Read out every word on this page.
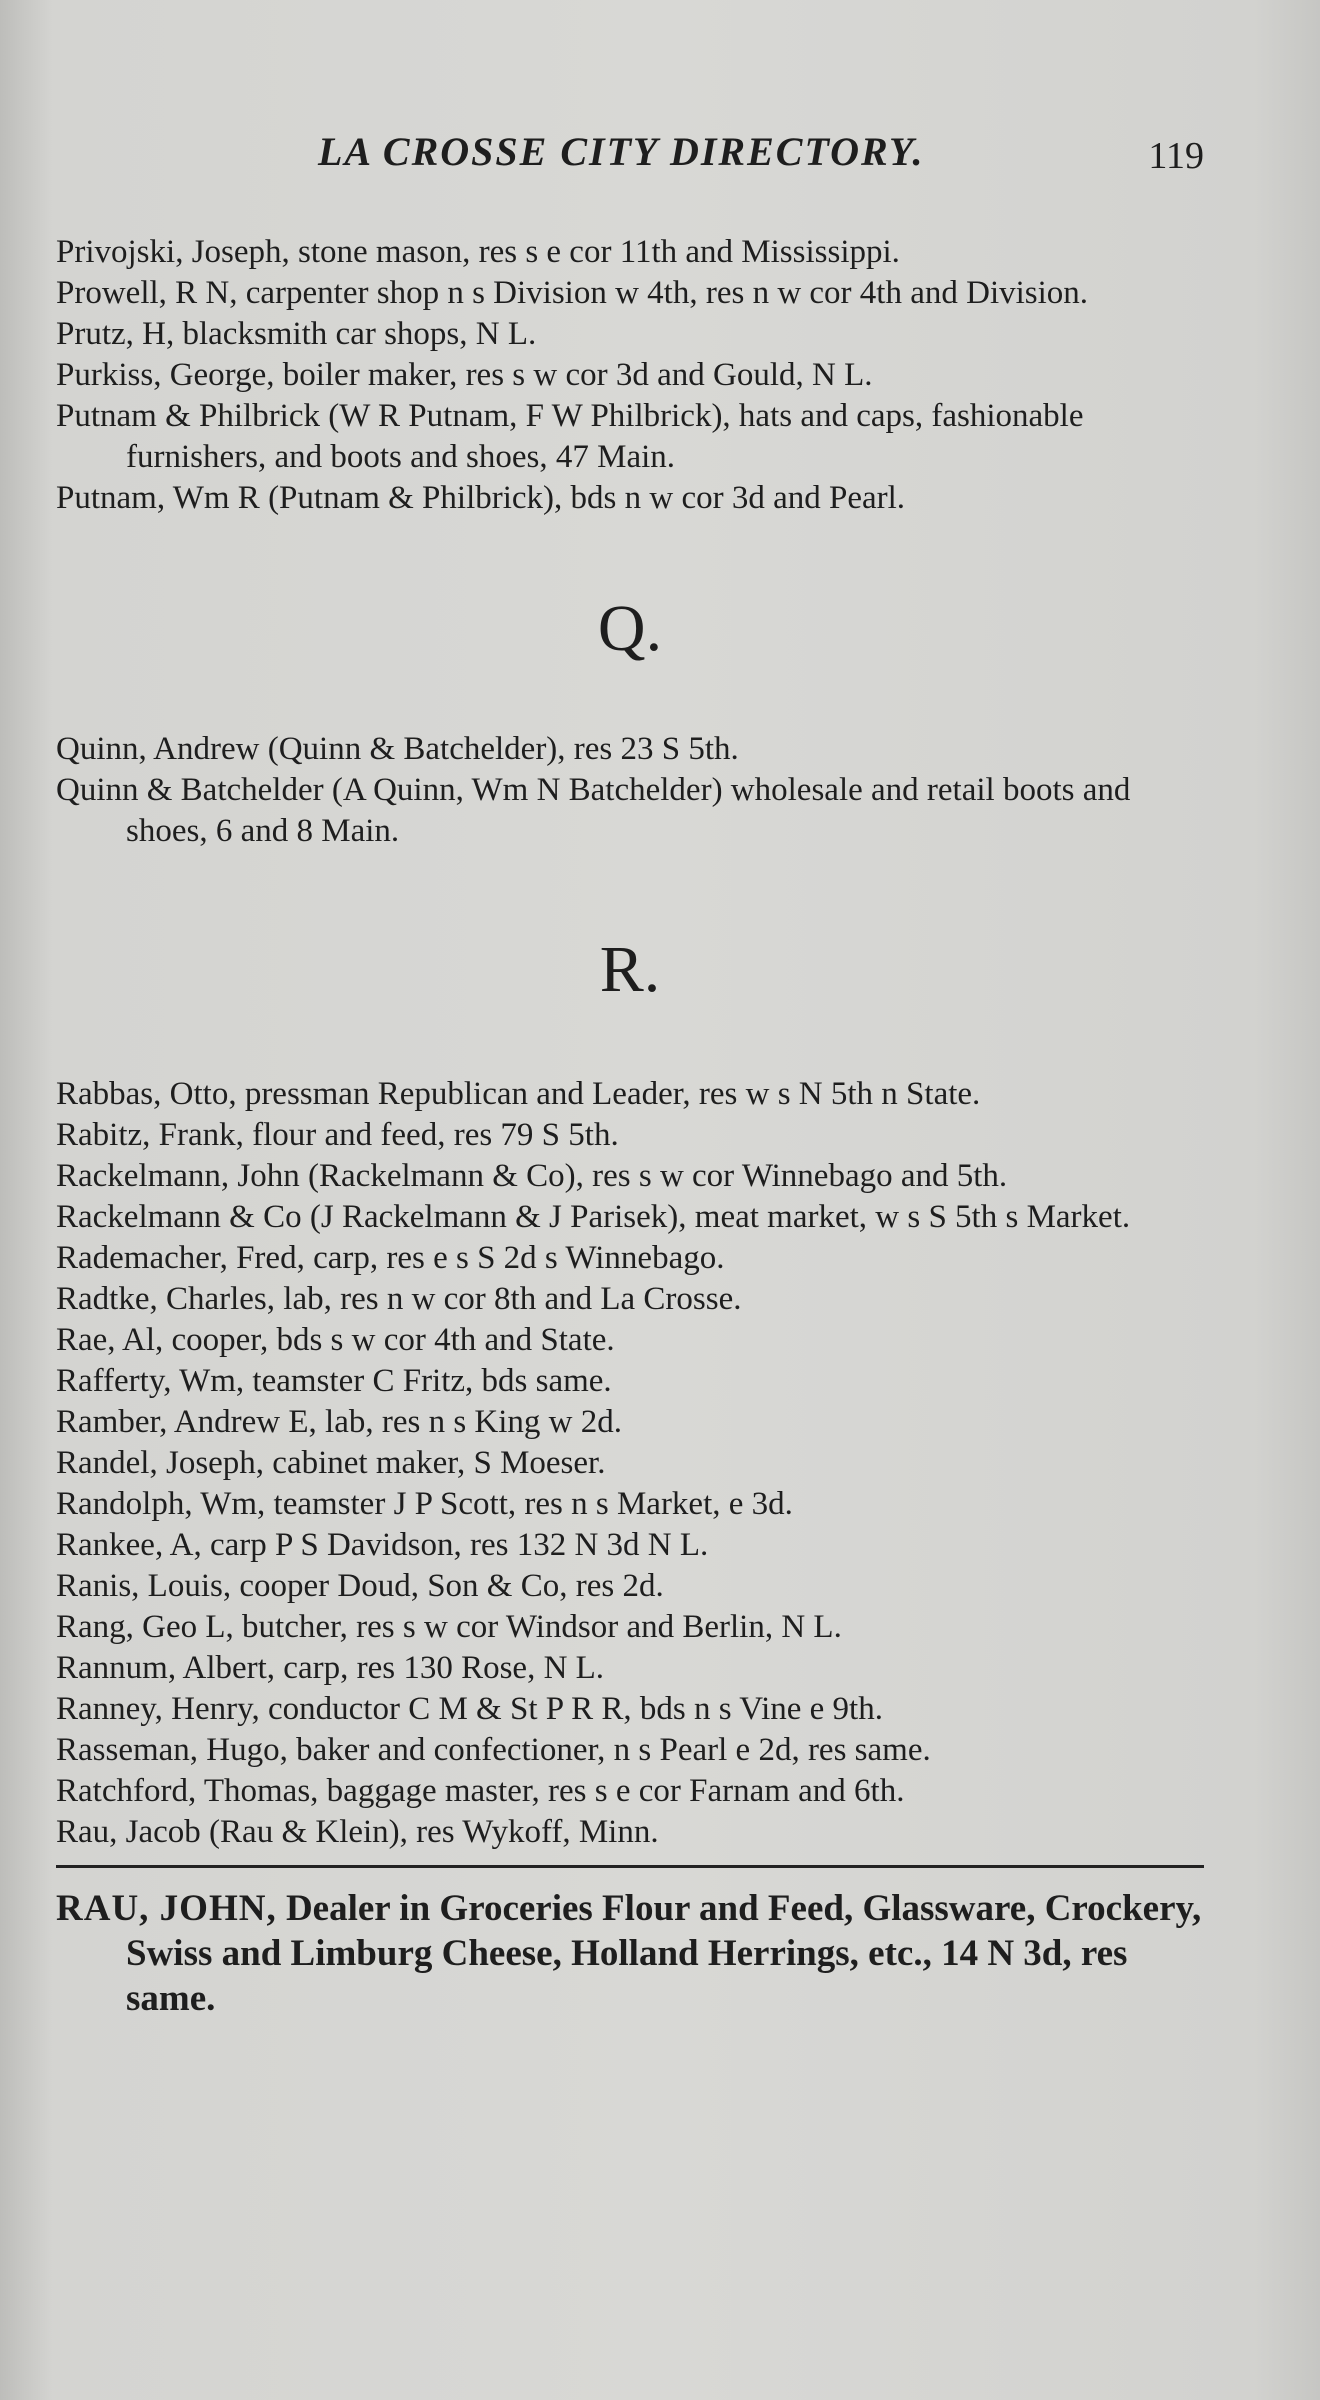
LA CROSSE CITY DIRECTORY.	119
Privojski, Joseph, stone mason, res s e cor 11th and Mississippi.
Prowell, R N, carpenter shop n s Division w 4th, res n w cor 4th and Division.
Prutz, H, blacksmith car shops, N L.
Purkiss, George, boiler maker, res s w cor 3d and Gould, N L.
Putnam & Philbrick (W R Putnam, F W Philbrick), hats and caps, fashionable furnishers, and boots and shoes, 47 Main.
Putnam, Wm R (Putnam & Philbrick), bds n w cor 3d and Pearl.
Q.
Quinn, Andrew (Quinn & Batchelder), res 23 S 5th.
Quinn & Batchelder (A Quinn, Wm N Batchelder) wholesale and retail boots and shoes, 6 and 8 Main.
R.
Rabbas, Otto, pressman Republican and Leader, res w s N 5th n State.
Rabitz, Frank, flour and feed, res 79 S 5th.
Rackelmann, John (Rackelmann & Co), res s w cor Winnebago and 5th.
Rackelmann & Co (J Rackelmann & J Parisek), meat market, w s S 5th s Market.
Rademacher, Fred, carp, res e s S 2d s Winnebago.
Radtke, Charles, lab, res n w cor 8th and La Crosse.
Rae, Al, cooper, bds s w cor 4th and State.
Rafferty, Wm, teamster C Fritz, bds same.
Ramber, Andrew E, lab, res n s King w 2d.
Randel, Joseph, cabinet maker, S Moeser.
Randolph, Wm, teamster J P Scott, res n s Market, e 3d.
Rankee, A, carp P S Davidson, res 132 N 3d N L.
Ranis, Louis, cooper Doud, Son & Co, res 2d.
Rang, Geo L, butcher, res s w cor Windsor and Berlin, N L.
Rannum, Albert, carp, res 130 Rose, N L.
Ranney, Henry, conductor C M & St P R R, bds n s Vine e 9th.
Rasseman, Hugo, baker and confectioner, n s Pearl e 2d, res same.
Ratchford, Thomas, baggage master, res s e cor Farnam and 6th.
Rau, Jacob (Rau & Klein), res Wykoff, Minn.
RAU, JOHN, Dealer in Groceries Flour and Feed, Glassware, Crockery, Swiss and Limburg Cheese, Holland Herrings, etc., 14 N 3d, res same.
